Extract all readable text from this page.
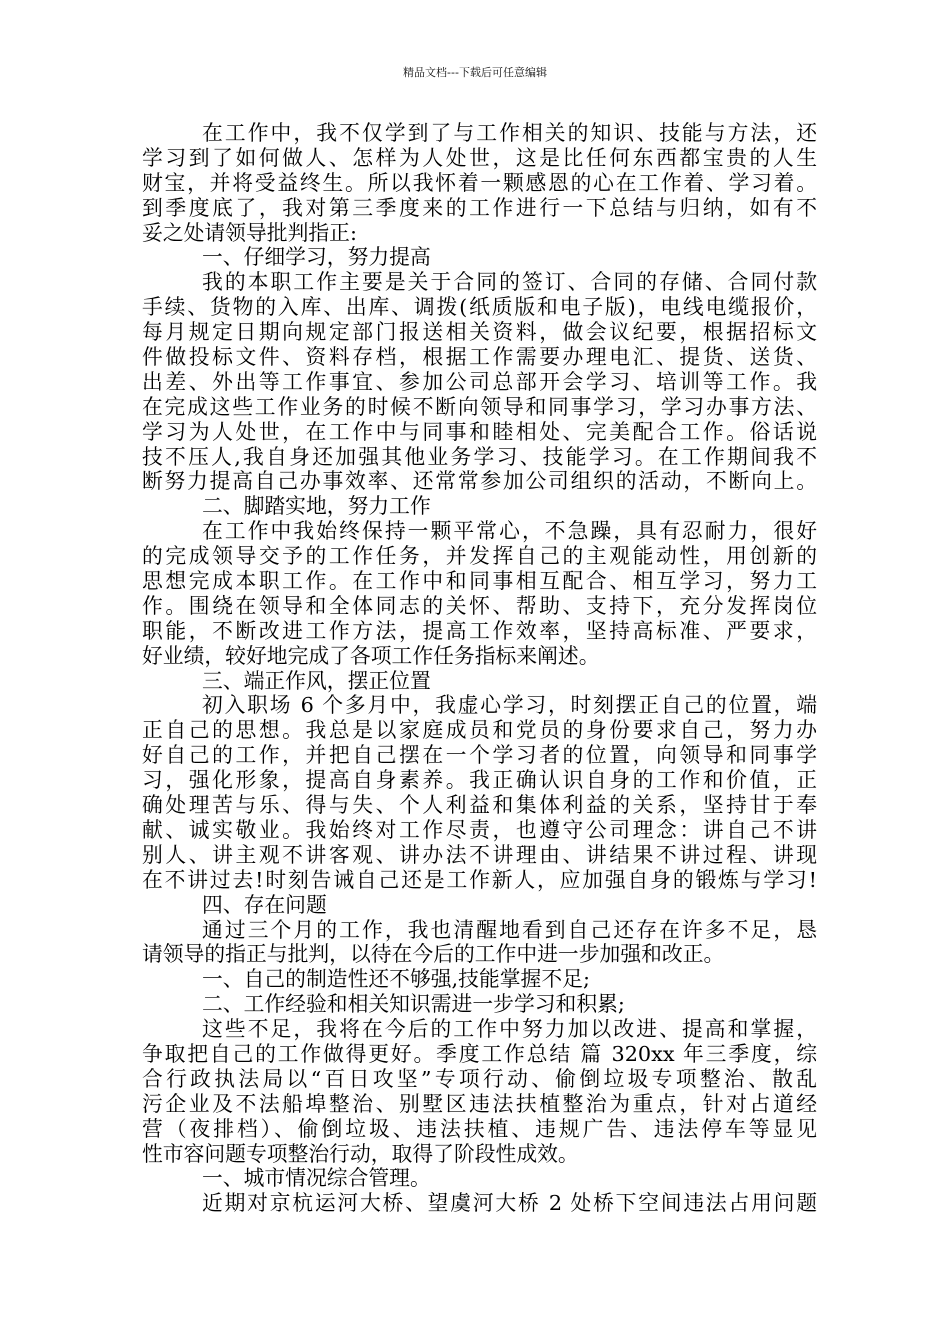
精品文档---下载后可任意编辑
在工作中，我不仅学到了与工作相关的知识、技能与方法，还
学习到了如何做人、怎样为人处世，这是比任何东西都宝贵的人生
财宝，并将受益终生。所以我怀着一颗感恩的心在工作着、学习着。
到季度底了，我对第三季度来的工作进行一下总结与归纳，如有不
妥之处请领导批判指正:
一、仔细学习，努力提高
我的本职工作主要是关于合同的签订、合同的存储、合同付款
手续、货物的入库、出库、调拨(纸质版和电子版)，电线电缆报价，
每月规定日期向规定部门报送相关资料，做会议纪要，根据招标文
件做投标文件、资料存档，根据工作需要办理电汇、提货、送货、
出差、外出等工作事宜、参加公司总部开会学习、培训等工作。我
在完成这些工作业务的时候不断向领导和同事学习，学习办事方法、
学习为人处世，在工作中与同事和睦相处、完美配合工作。俗话说
技不压人,我自身还加强其他业务学习、技能学习。在工作期间我不
断努力提高自己办事效率、还常常参加公司组织的活动，不断向上。
二、脚踏实地，努力工作
在工作中我始终保持一颗平常心，不急躁，具有忍耐力，很好
的完成领导交予的工作任务，并发挥自己的主观能动性，用创新的
思想完成本职工作。在工作中和同事相互配合、相互学习，努力工
作。围绕在领导和全体同志的关怀、帮助、支持下，充分发挥岗位
职能，不断改进工作方法，提高工作效率，坚持高标准、严要求，
好业绩，较好地完成了各项工作任务指标来阐述。
三、端正作风，摆正位置
初入职场 6 个多月中，我虚心学习，时刻摆正自己的位置，端
正自己的思想。我总是以家庭成员和党员的身份要求自己，努力办
好自己的工作，并把自己摆在一个学习者的位置，向领导和同事学
习，强化形象，提高自身素养。我正确认识自身的工作和价值，正
确处理苦与乐、得与失、个人利益和集体利益的关系，坚持甘于奉
献、诚实敬业。我始终对工作尽责，也遵守公司理念：讲自己不讲
别人、讲主观不讲客观、讲办法不讲理由、讲结果不讲过程、讲现
在不讲过去!时刻告诫自己还是工作新人，应加强自身的锻炼与学习!
四、存在问题
通过三个月的工作，我也清醒地看到自己还存在许多不足，恳
请领导的指正与批判，以待在今后的工作中进一步加强和改正。
一、自己的制造性还不够强,技能掌握不足;
二、工作经验和相关知识需进一步学习和积累;
这些不足，我将在今后的工作中努力加以改进、提高和掌握，
争取把自己的工作做得更好。季度工作总结 篇 320xx 年三季度，综
合行政执法局以“百日攻坚”专项行动、偷倒垃圾专项整治、散乱
污企业及不法船埠整治、别墅区违法扶植整治为重点，针对占道经
营（夜排档）、偷倒垃圾、违法扶植、违规广告、违法停车等显见
性市容问题专项整治行动，取得了阶段性成效。
一、城市情况综合管理。
近期对京杭运河大桥、望虞河大桥 2 处桥下空间违法占用问题
